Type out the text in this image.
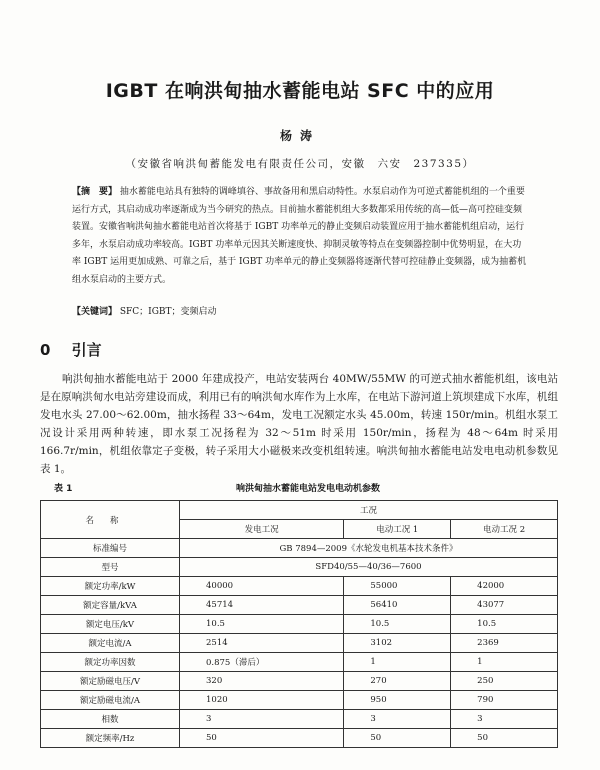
IGBT 在响洪甸抽水蓄能电站 SFC 中的应用
杨涛
（安徽省响洪甸蓄能发电有限责任公司，安徽　六安　237335）
【摘　要】 抽水蓄能电站具有独特的调峰填谷、事故备用和黑启动特性。水泵启动作为可逆式蓄能机组的一个重要运行方式，其启动成功率逐渐成为当今研究的热点。目前抽水蓄能机组大多数都采用传统的高—低—高可控硅变频装置。安徽省响洪甸抽水蓄能电站首次将基于 IGBT 功率单元的静止变频启动装置应用于抽水蓄能机组启动，运行多年，水泵启动成功率较高。IGBT 功率单元因其关断速度快、抑制灵敏等特点在变频器控制中优势明显，在大功率 IGBT 运用更加成熟、可靠之后，基于 IGBT 功率单元的静止变频器将逐渐代替可控硅静止变频器，成为抽蓄机组水泵启动的主要方式。
【关键词】 SFC；IGBT；变频启动
0 引言
响洪甸抽水蓄能电站于 2000 年建成投产，电站安装两台 40MW/55MW 的可逆式抽水蓄能机组，该电站是在原响洪甸水电站旁建设而成，利用已有的响洪甸水库作为上水库，在电站下游河道上筑坝建成下水库，机组发电水头 27.00～62.00m，抽水扬程 33～64m，发电工况额定水头 45.00m，转速 150r/min。机组水泵工况设计采用两种转速，即水泵工况扬程为 32～51m 时采用 150r/min，扬程为 48～64m 时采用 166.7r/min，机组依靠定子变极，转子采用大小磁极来改变机组转速。响洪甸抽水蓄能电站发电电动机参数见表 1。
表 1	响洪甸抽水蓄能电站发电电动机参数
名称	工况		
	发电工况	电动工况 1	电动工况 2
标准编号	GB 7894—2009《水轮发电机基本技术条件》		
型号	SFD40/55—40/36—7600		
额定功率/kW	40000	55000	42000
额定容量/kVA	45714	56410	43077
额定电压/kV	10.5	10.5	10.5
额定电流/A	2514	3102	2369
额定功率因数	0.875（滞后）	1	1
额定励磁电压/V	320	270	250
额定励磁电流/A	1020	950	790
相数	3	3	3
额定频率/Hz	50	50	50
